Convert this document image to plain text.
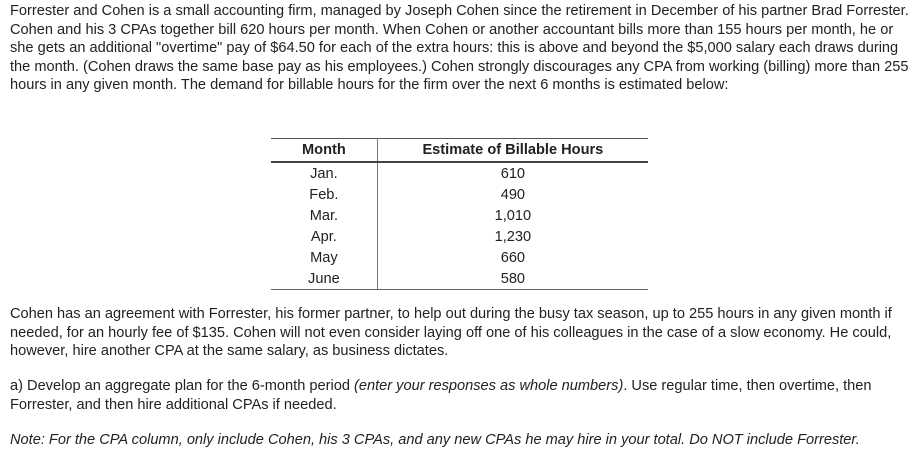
Forrester and Cohen is a small accounting firm, managed by Joseph Cohen since the retirement in December of his partner Brad Forrester. Cohen and his 3 CPAs together bill 620 hours per month. When Cohen or another accountant bills more than 155 hours per month, he or she gets an additional "overtime" pay of $64.50 for each of the extra hours: this is above and beyond the $5,000 salary each draws during the month. (Cohen draws the same base pay as his employees.) Cohen strongly discourages any CPA from working (billing) more than 255 hours in any given month. The demand for billable hours for the firm over the next 6 months is estimated below:

Month	Estimate of Billable Hours
Jan.	610
Feb.	490
Mar.	1,010
Apr.	1,230
May	660
June	580

Cohen has an agreement with Forrester, his former partner, to help out during the busy tax season, up to 255 hours in any given month if needed, for an hourly fee of $135. Cohen will not even consider laying off one of his colleagues in the case of a slow economy. He could, however, hire another CPA at the same salary, as business dictates.

a) Develop an aggregate plan for the 6-month period (enter your responses as whole numbers). Use regular time, then overtime, then Forrester, and then hire additional CPAs if needed.

Note: For the CPA column, only include Cohen, his 3 CPAs, and any new CPAs he may hire in your total. Do NOT include Forrester.
